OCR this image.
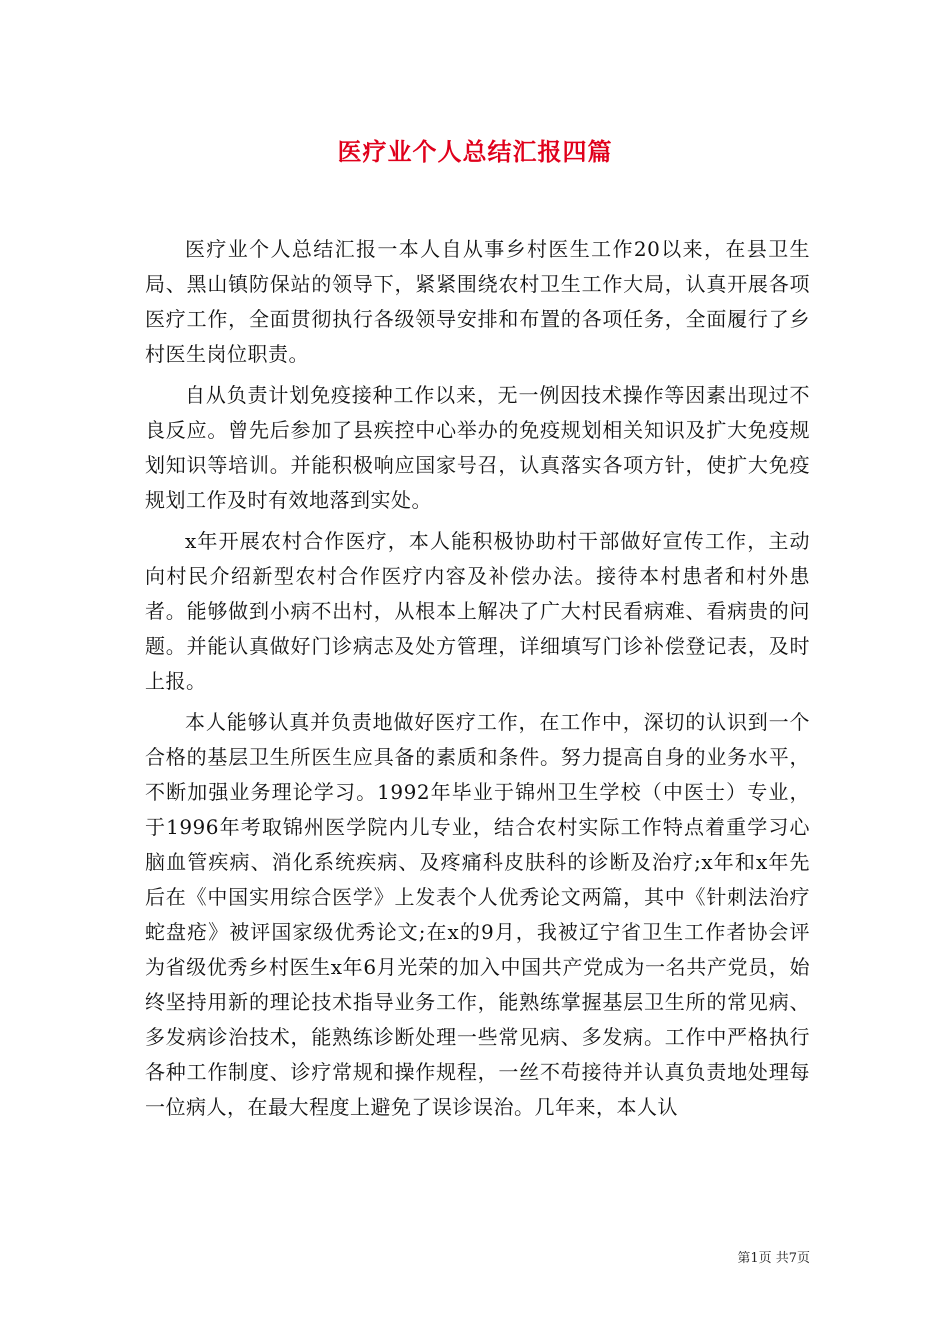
医疗业个人总结汇报四篇

医疗业个人总结汇报一本人自从事乡村医生工作20以来，在县卫生局、黑山镇防保站的领导下，紧紧围绕农村卫生工作大局，认真开展各项医疗工作，全面贯彻执行各级领导安排和布置的各项任务，全面履行了乡村医生岗位职责。

自从负责计划免疫接种工作以来，无一例因技术操作等因素出现过不良反应。曾先后参加了县疾控中心举办的免疫规划相关知识及扩大免疫规划知识等培训。并能积极响应国家号召，认真落实各项方针，使扩大免疫规划工作及时有效地落到实处。

x年开展农村合作医疗，本人能积极协助村干部做好宣传工作，主动向村民介绍新型农村合作医疗内容及补偿办法。接待本村患者和村外患者。能够做到小病不出村，从根本上解决了广大村民看病难、看病贵的问题。并能认真做好门诊病志及处方管理，详细填写门诊补偿登记表，及时上报。

本人能够认真并负责地做好医疗工作，在工作中，深切的认识到一个合格的基层卫生所医生应具备的素质和条件。努力提高自身的业务水平，不断加强业务理论学习。1992年毕业于锦州卫生学校（中医士）专业，于1996年考取锦州医学院内儿专业，结合农村实际工作特点着重学习心脑血管疾病、消化系统疾病、及疼痛科皮肤科的诊断及治疗;x年和x年先后在《中国实用综合医学》上发表个人优秀论文两篇，其中《针刺法治疗蛇盘疮》被评国家级优秀论文;在x的9月，我被辽宁省卫生工作者协会评为省级优秀乡村医生x年6月光荣的加入中国共产党成为一名共产党员，始终坚持用新的理论技术指导业务工作，能熟练掌握基层卫生所的常见病、多发病诊治技术，能熟练诊断处理一些常见病、多发病。工作中严格执行各种工作制度、诊疗常规和操作规程，一丝不苟接待并认真负责地处理每一位病人，在最大程度上避免了误诊误治。几年来，本人认

第1页 共7页
